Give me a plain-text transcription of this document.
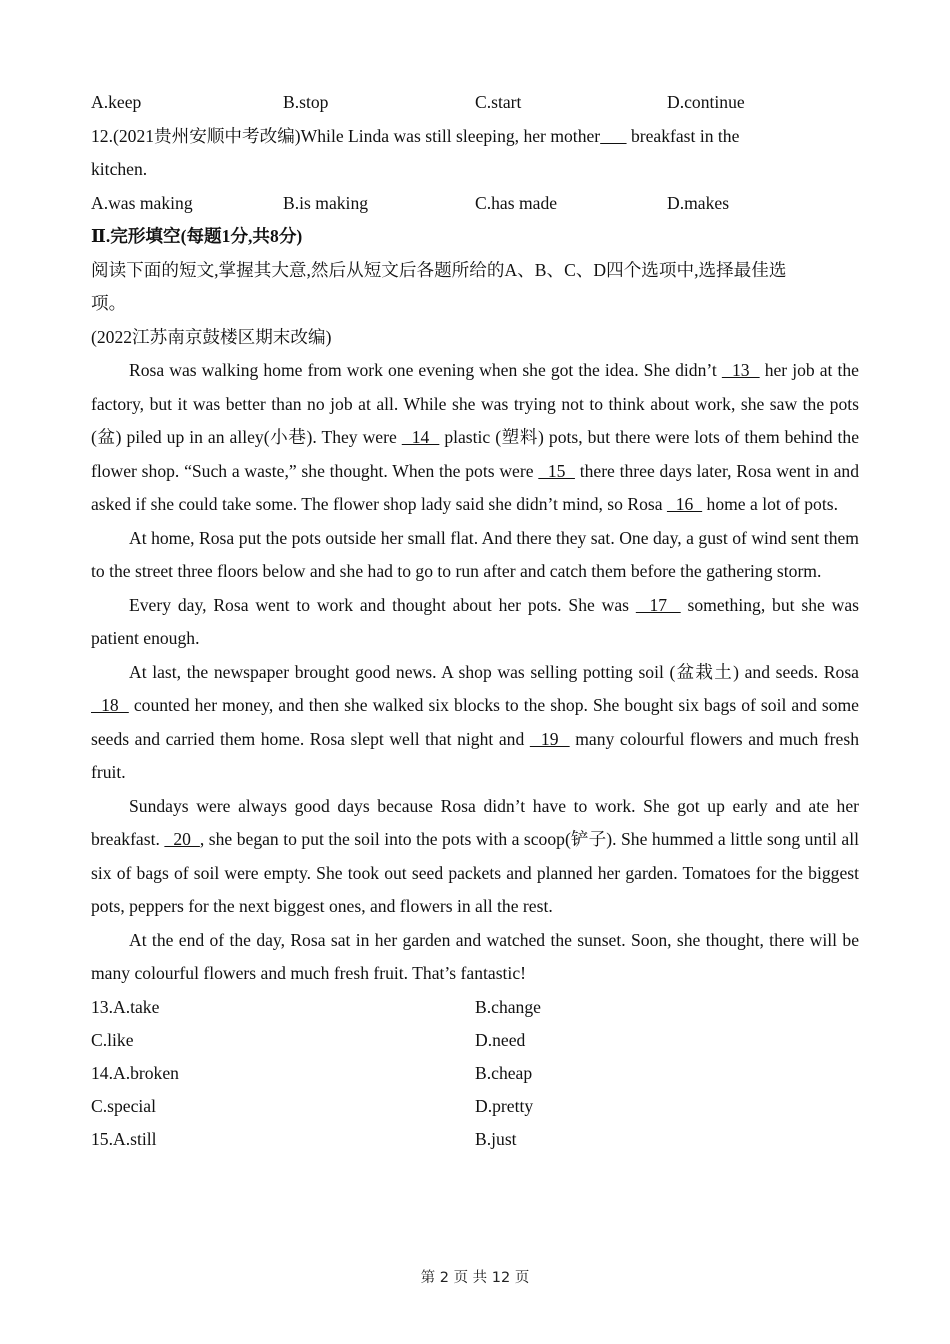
A.keep	B.stop	C.start	D.continue
12.(2021贵州安顺中考改编)While Linda was still sleeping, her mother       breakfast in the
kitchen.
A.was making	B.is making	C.has made	D.makes
Ⅱ.完形填空(每题1分,共8分)
阅读下面的短文,掌握其大意,然后从短文后各题所给的A、B、C、D四个选项中,选择最佳选
项。
(2022江苏南京鼓楼区期末改编)
Rosa was walking home from work one evening when she got the idea. She didn’t   13   her job at the factory, but it was better than no job at all. While she was trying not to think about work, she saw the pots (盆) piled up in an alley(小巷). They were   14   plastic (塑料) pots, but there were lots of them behind the flower shop. “Such a waste,” she thought. When the pots were   15   there three days later, Rosa went in and asked if she could take some. The flower shop lady said she didn’t mind, so Rosa   16   home a lot of pots.
At home, Rosa put the pots outside her small flat. And there they sat. One day, a gust of wind sent them to the street three floors below and she had to go to run after and catch them before the gathering storm.
Every day, Rosa went to work and thought about her pots. She was   17   something, but she was patient enough.
At last, the newspaper brought good news. A shop was selling potting soil (盆栽土) and seeds. Rosa   18   counted her money, and then she walked six blocks to the shop. She bought six bags of soil and some seeds and carried them home. Rosa slept well that night and   19   many colourful flowers and much fresh fruit.
Sundays were always good days because Rosa didn’t have to work. She got up early and ate her breakfast.   20  , she began to put the soil into the pots with a scoop(铲子). She hummed a little song until all six of bags of soil were empty. She took out seed packets and planned her garden. Tomatoes for the biggest pots, peppers for the next biggest ones, and flowers in all the rest.
At the end of the day, Rosa sat in her garden and watched the sunset. Soon, she thought, there will be many colourful flowers and much fresh fruit. That’s fantastic!
13.A.take	B.change
C.like	D.need
14.A.broken	B.cheap
C.special	D.pretty
15.A.still	B.just
第 2 页 共 12 页
